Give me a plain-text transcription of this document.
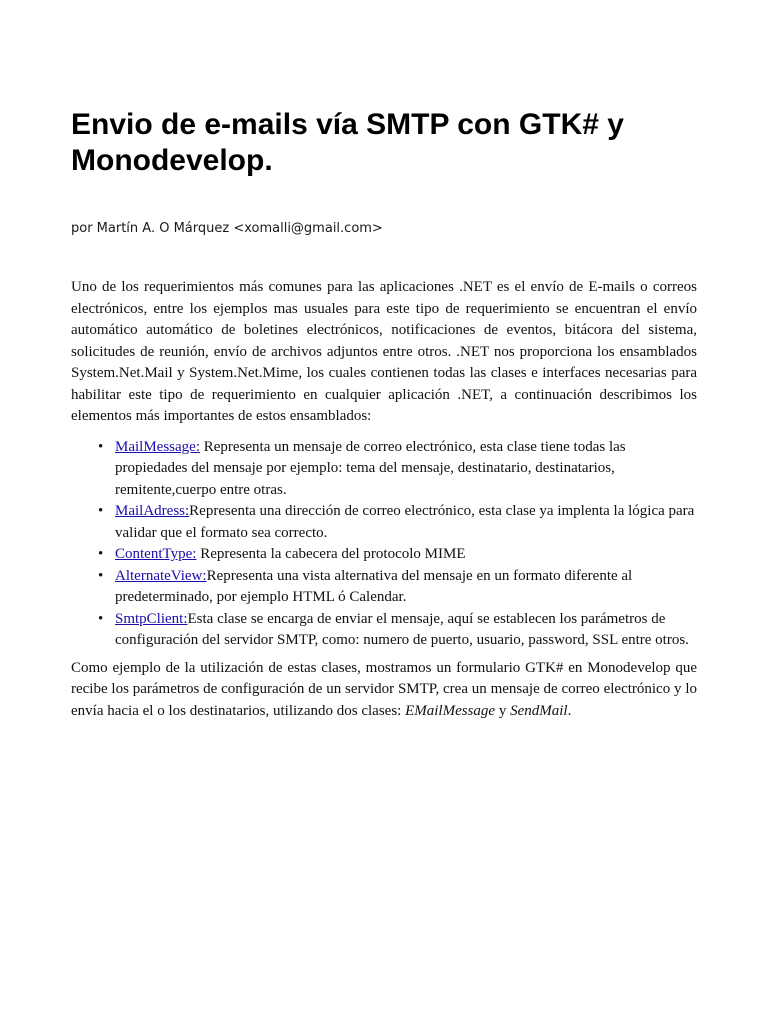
Envio de e-mails vía SMTP con GTK# y Monodevelop.

por Martín A. O Márquez <xomalli@gmail.com>

Uno de los requerimientos más comunes para las aplicaciones .NET es el envío de E-mails o correos electrónicos, entre los ejemplos mas usuales para este tipo de requerimiento se encuentran el envío automático automático de boletines electrónicos, notificaciones de eventos, bitácora del sistema, solicitudes de reunión, envío de archivos adjuntos entre otros. .NET nos proporciona los ensamblados System.Net.Mail y System.Net.Mime, los cuales contienen todas las clases e interfaces necesarias para habilitar este tipo de requerimiento en cualquier aplicación .NET, a continuación describimos los elementos más importantes de estos ensamblados:

• MailMessage: Representa un mensaje de correo electrónico, esta clase tiene todas las propiedades del mensaje por ejemplo: tema del mensaje, destinatario, destinatarios, remitente,cuerpo entre otras.
• MailAdress:Representa una dirección de correo electrónico, esta clase ya implenta la lógica para validar que el formato sea correcto.
• ContentType: Representa la cabecera del protocolo MIME
• AlternateView:Representa una vista alternativa del mensaje en un formato diferente al predeterminado, por ejemplo HTML ó Calendar.
• SmtpClient:Esta clase se encarga de enviar el mensaje, aquí se establecen los parámetros de configuración del servidor SMTP, como: numero de puerto, usuario, password, SSL entre otros.

Como ejemplo de la utilización de estas clases, mostramos un formulario GTK# en Monodevelop que recibe los parámetros de configuración de un servidor SMTP, crea un mensaje de correo electrónico y lo envía hacia el o los destinatarios, utilizando dos clases: EMailMessage y SendMail.
